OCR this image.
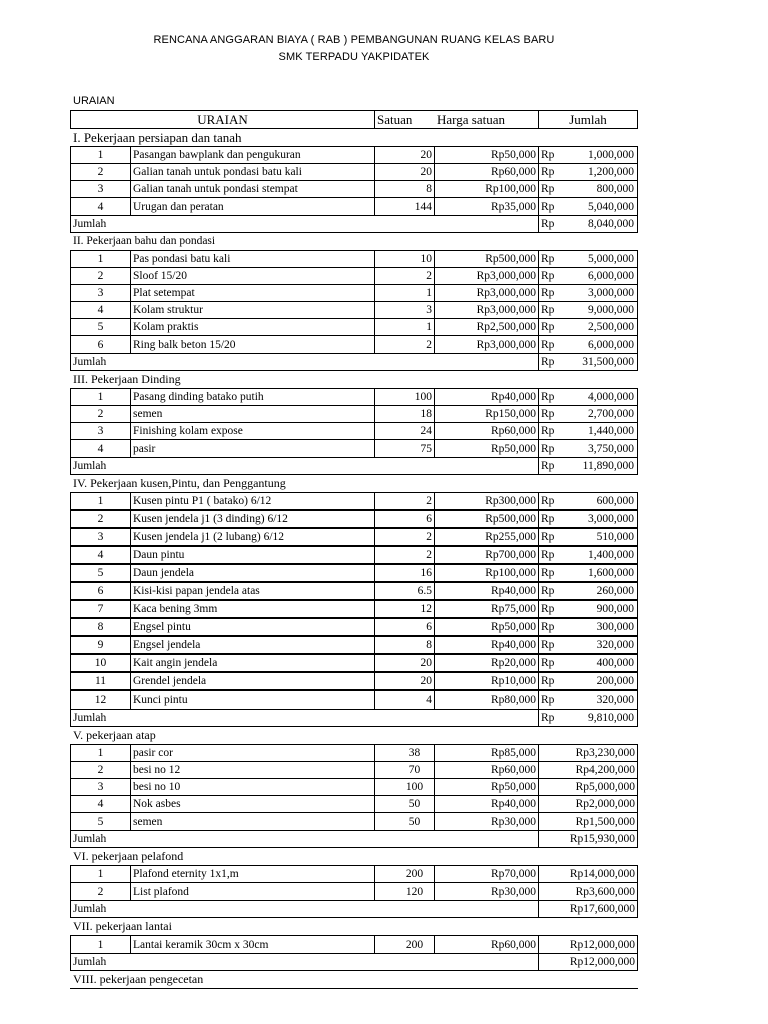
RENCANA ANGGARAN BIAYA ( RAB ) PEMBANGUNAN RUANG KELAS BARU
SMK TERPADU YAKPIDATEK
URAIAN
URAIAN	Satuan	Harga satuan	Jumlah
I. Pekerjaan persiapan dan tanah
1	Pasangan bawplank dan pengukuran	20	Rp50,000 Rp	1,000,000
2	Galian tanah untuk pondasi batu kali	20	Rp60,000 Rp	1,200,000
3	Galian tanah untuk pondasi stempat	8	Rp100,000 Rp	800,000
4	Urugan dan peratan	144	Rp35,000 Rp	5,040,000
Jumlah	Rp	8,040,000
II. Pekerjaan bahu dan pondasi
1	Pas pondasi batu kali	10	Rp500,000 Rp	5,000,000
2	Sloof 15/20	2	Rp3,000,000 Rp	6,000,000
3	Plat setempat	1	Rp3,000,000 Rp	3,000,000
4	Kolam struktur	3	Rp3,000,000 Rp	9,000,000
5	Kolam praktis	1	Rp2,500,000 Rp	2,500,000
6	Ring balk beton 15/20	2	Rp3,000,000 Rp	6,000,000
Jumlah	Rp	31,500,000
III. Pekerjaan Dinding
1	Pasang dinding batako putih	100	Rp40,000 Rp	4,000,000
2	semen	18	Rp150,000 Rp	2,700,000
3	Finishing kolam expose	24	Rp60,000 Rp	1,440,000
4	pasir	75	Rp50,000 Rp	3,750,000
Jumlah	Rp	11,890,000
IV. Pekerjaan kusen,Pintu, dan Penggantung
1	Kusen pintu P1 ( batako) 6/12	2	Rp300,000 Rp	600,000
2	Kusen jendela j1 (3 dinding) 6/12	6	Rp500,000 Rp	3,000,000
3	Kusen jendela j1 (2 lubang) 6/12	2	Rp255,000 Rp	510,000
4	Daun pintu	2	Rp700,000 Rp	1,400,000
5	Daun jendela	16	Rp100,000 Rp	1,600,000
6	Kisi-kisi papan jendela atas	6.5	Rp40,000 Rp	260,000
7	Kaca bening 3mm	12	Rp75,000 Rp	900,000
8	Engsel pintu	6	Rp50,000 Rp	300,000
9	Engsel jendela	8	Rp40,000 Rp	320,000
10	Kait angin jendela	20	Rp20,000 Rp	400,000
11	Grendel jendela	20	Rp10,000 Rp	200,000
12	Kunci pintu	4	Rp80,000 Rp	320,000
Jumlah	Rp	9,810,000
V. pekerjaan atap
1	pasir cor	38	Rp85,000	Rp3,230,000
2	besi no 12	70	Rp60,000	Rp4,200,000
3	besi no 10	100	Rp50,000	Rp5,000,000
4	Nok asbes	50	Rp40,000	Rp2,000,000
5	semen	50	Rp30,000	Rp1,500,000
Jumlah	Rp15,930,000
VI. pekerjaan pelafond
1	Plafond eternity 1x1,m	200	Rp70,000	Rp14,000,000
2	List plafond	120	Rp30,000	Rp3,600,000
Jumlah	Rp17,600,000
VII. pekerjaan lantai
1	Lantai keramik 30cm x 30cm	200	Rp60,000	Rp12,000,000
Jumlah	Rp12,000,000
VIII. pekerjaan pengecetan
